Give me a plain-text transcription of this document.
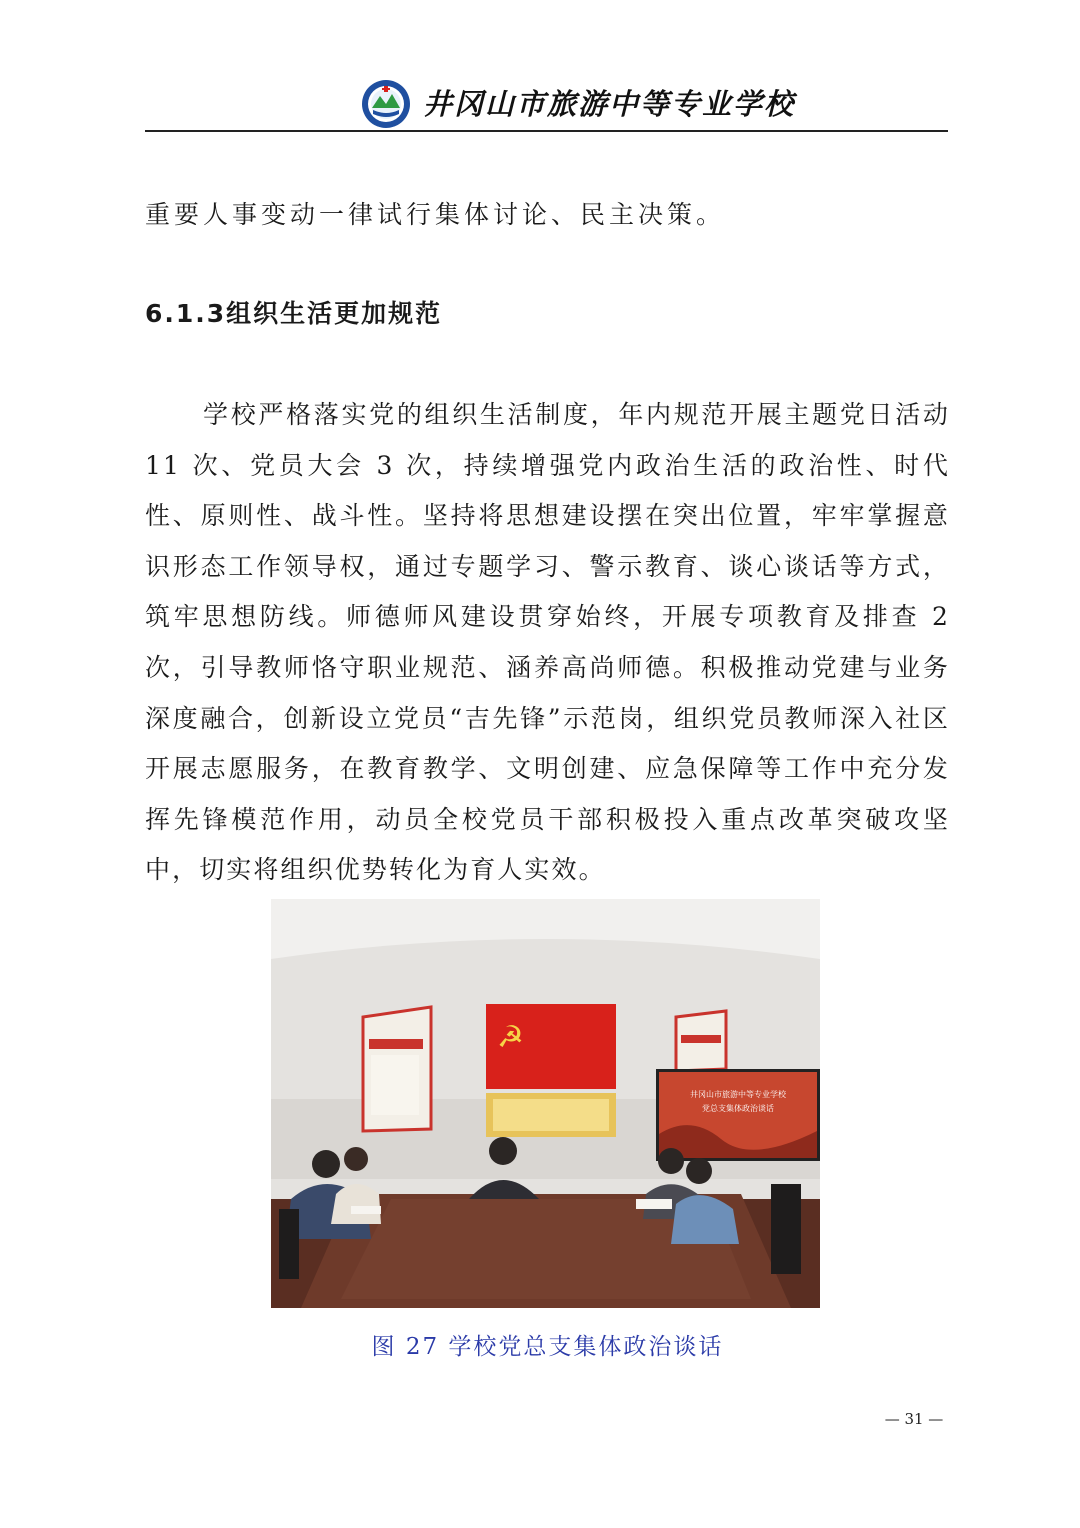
井冈山市旅游中等专业学校

重要人事变动一律试行集体讨论、民主决策。

6.1.3组织生活更加规范

学校严格落实党的组织生活制度，年内规范开展主题党日活动 11 次、党员大会 3 次，持续增强党内政治生活的政治性、时代性、原则性、战斗性。坚持将思想建设摆在突出位置，牢牢掌握意识形态工作领导权，通过专题学习、警示教育、谈心谈话等方式，筑牢思想防线。师德师风建设贯穿始终，开展专项教育及排查 2 次，引导教师恪守职业规范、涵养高尚师德。积极推动党建与业务深度融合，创新设立党员“吉先锋”示范岗，组织党员教师深入社区开展志愿服务，在教育教学、文明创建、应急保障等工作中充分发挥先锋模范作用，动员全校党员干部积极投入重点改革突破攻坚中，切实将组织优势转化为育人实效。

☭
井冈山市旅游中等专业学校
党总支集体政治谈话

图 27 学校党总支集体政治谈话

— 31 —
